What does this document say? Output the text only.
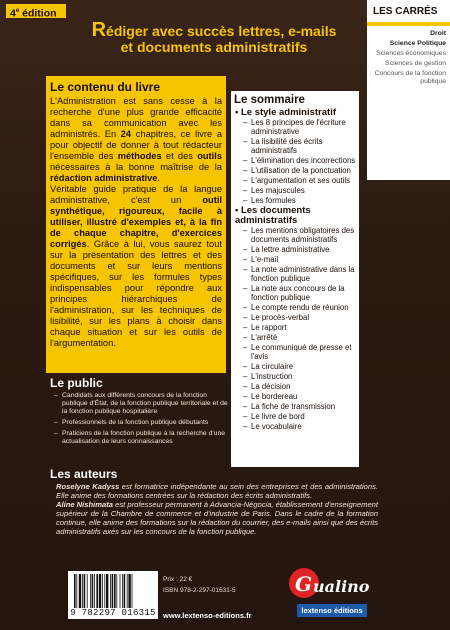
4e édition
Rédiger avec succès lettres, e-mails
et documents administratifs
LES CARRÉS
Droit
Science Politique
Sciences économiques
Sciences de gestion
Concours de la fonction publique
Le contenu du livre
L'Administration est sans cesse à la recherche d'une plus grande efficacité dans sa communication avec les administrés. En 24 chapitres, ce livre a pour objectif de donner à tout rédacteur l'ensemble des méthodes et des outils nécessaires à la bonne maîtrise de la rédaction administrative.
Véritable guide pratique de la langue administrative, c'est un outil synthétique, rigoureux, facile à utiliser, illustré d'exemples et, à la fin de chaque chapitre, d'exercices corrigés. Grâce à lui, vous saurez tout sur la présentation des lettres et des documents et sur leurs mentions spécifiques, sur les formules types indispensables pour répondre aux principes hiérarchiques de l'administration, sur les techniques de lisibilité, sur les plans à choisir dans chaque situation et sur les outils de l'argumentation.
Le public
– Candidats aux différents concours de la fonction publique d'État, de la fonction publique territoriale et de la fonction publique hospitalière
– Professionnels de la fonction publique débutants
– Praticiens de la fonction publique à la recherche d'une actualisation de leurs connaissances
Le sommaire
• Le style administratif
– Les 8 principes de l'écriture administrative
– La lisibilité des écrits administratifs
– L'élimination des incorrections
– L'utilisation de la ponctuation
– L'argumentation et ses outils
– Les majuscules
– Les formules
• Les documents administratifs
– Les mentions obligatoires des documents administratifs
– La lettre administrative
– L'e-mail
– La note administrative dans la fonction publique
– La note aux concours de la fonction publique
– Le compte rendu de réunion
– Le procès-verbal
– Le rapport
– L'arrêté
– Le communiqué de presse et l'avis
– La circulaire
– L'instruction
– La décision
– Le bordereau
– La fiche de transmission
– Le livre de bord
– Le vocabulaire
Les auteurs

Roselyne Kadyss est formatrice indépendante au sein des entreprises et des administrations. Elle anime des formations centrées sur la rédaction des écrits administratifs.

Aline Nishimata est professeur permanent à Advancia-Négocia, établissement d'enseignement supérieur de la Chambre de commerce et d'industrie de Paris. Dans le cadre de la formation continue, elle anime des formations sur la rédaction du courrier, des e-mails ainsi que des écrits administratifs axés sur les concours de la fonction publique.

9 782297 016315
Prix : 22 €
ISBN 978-2-297-01631-5
www.lextenso-editions.fr
G ualino
lextenso éditions
